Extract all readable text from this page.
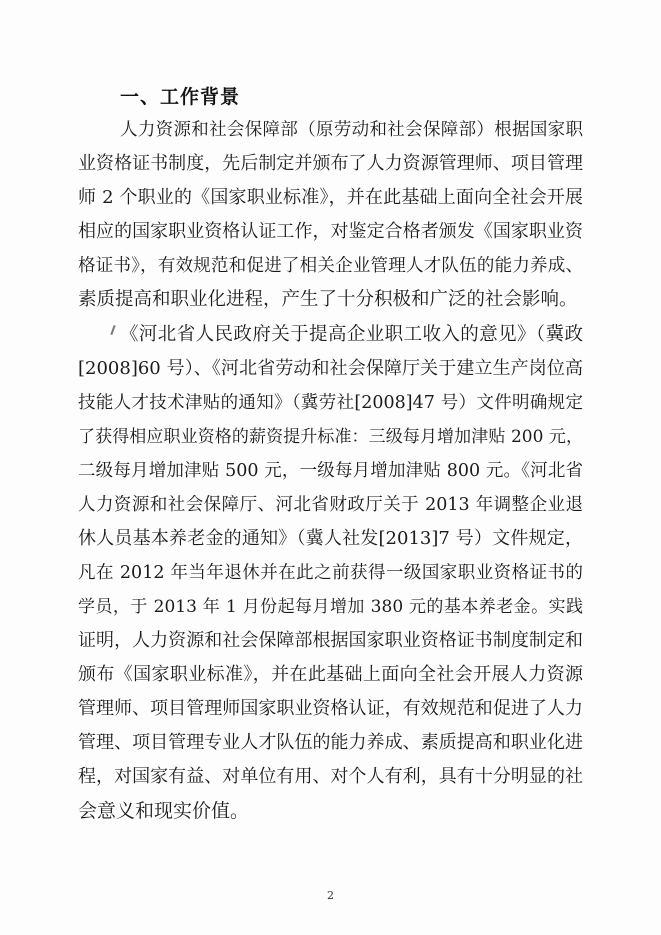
一、工作背景
人力资源和社会保障部（原劳动和社会保障部）根据国家职
业资格证书制度，先后制定并颁布了人力资源管理师、项目管理
师 2 个职业的《国家职业标准》，并在此基础上面向全社会开展
相应的国家职业资格认证工作，对鉴定合格者颁发《国家职业资
格证书》，有效规范和促进了相关企业管理人才队伍的能力养成、
素质提高和职业化进程，产生了十分积极和广泛的社会影响。
《河北省人民政府关于提高企业职工收入的意见》（冀政
[2008]60 号）、《河北省劳动和社会保障厅关于建立生产岗位高
技能人才技术津贴的通知》（冀劳社[2008]47 号）文件明确规定
了获得相应职业资格的薪资提升标准：三级每月增加津贴 200 元，
二级每月增加津贴 500 元，一级每月增加津贴 800 元。《河北省
人力资源和社会保障厅、河北省财政厅关于 2013 年调整企业退
休人员基本养老金的通知》（冀人社发[2013]7 号）文件规定，
凡在 2012 年当年退休并在此之前获得一级国家职业资格证书的
学员，于 2013 年 1 月份起每月增加 380 元的基本养老金。实践
证明，人力资源和社会保障部根据国家职业资格证书制度制定和
颁布《国家职业标准》，并在此基础上面向全社会开展人力资源
管理师、项目管理师国家职业资格认证，有效规范和促进了人力
管理、项目管理专业人才队伍的能力养成、素质提高和职业化进
程，对国家有益、对单位有用、对个人有利，具有十分明显的社
会意义和现实价值。
2
